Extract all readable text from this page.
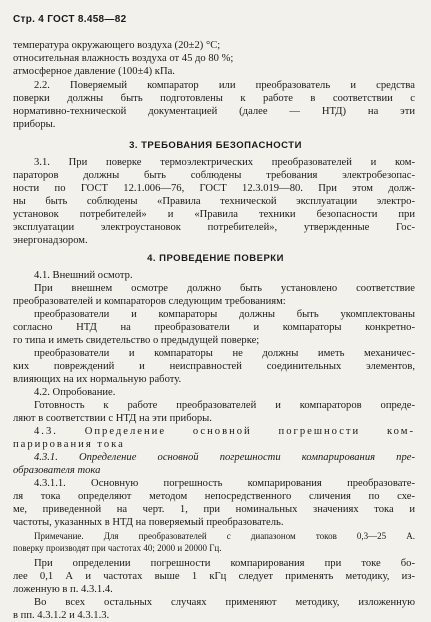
Стр. 4 ГОСТ 8.458—82
температура окружающего воздуха (20±2) °С;
относительная влажность воздуха от 45 до 80 %;
атмосферное давление (100±4) кПа.
2.2. Поверяемый компаратор или преобразователь и средства
поверки должны быть подготовлены к работе в соответствии с
нормативно-технической документацией (далее — НТД) на эти
приборы.
3. ТРЕБОВАНИЯ БЕЗОПАСНОСТИ
3.1. При поверке термоэлектрических преобразователей и ком-
параторов должны быть соблюдены требования электробезопас-
ности по ГОСТ 12.1.006—76, ГОСТ 12.3.019—80. При этом долж-
ны быть соблюдены «Правила технической эксплуатации электро-
установок потребителей» и «Правила техники безопасности при
эксплуатации электроустановок потребителей», утвержденные Гос-
энергонадзором.
4. ПРОВЕДЕНИЕ ПОВЕРКИ
4.1. Внешний осмотр.
При внешнем осмотре должно быть установлено соответствие
преобразователей и компараторов следующим требованиям:
преобразователи и компараторы должны быть укомплектованы
согласно НТД на преобразователи и компараторы конкретно-
го типа и иметь свидетельство о предыдущей поверке;
преобразователи и компараторы не должны иметь механичес-
ких повреждений и неисправностей соединительных элементов,
влияющих на их нормальную работу.
4.2. Опробование.
Готовность к работе преобразователей и компараторов опреде-
ляют в соответствии с НТД на эти приборы.
4.3. Определение основной погрешности ком-
парирования тока
4.3.1. Определение основной погрешности компарирования пре-
образователя тока
4.3.1.1. Основную погрешность компарирования преобразовате-
ля тока определяют методом непосредственного сличения по схе-
ме, приведенной на черт. 1, при номинальных значениях тока и
частоты, указанных в НТД на поверяемый преобразователь.
Примечание. Для преобразователей с диапазоном токов 0,3—25 А.
поверку производят при частотах 40; 2000 и 20000 Гц.
При определении погрешности компарирования при токе бо-
лее 0,1 А и частотах выше 1 кГц следует применять методику, из-
ложенную в п. 4.3.1.4.
Во всех остальных случаях применяют методику, изложенную
в пп. 4.3.1.2 и 4.3.1.3.
